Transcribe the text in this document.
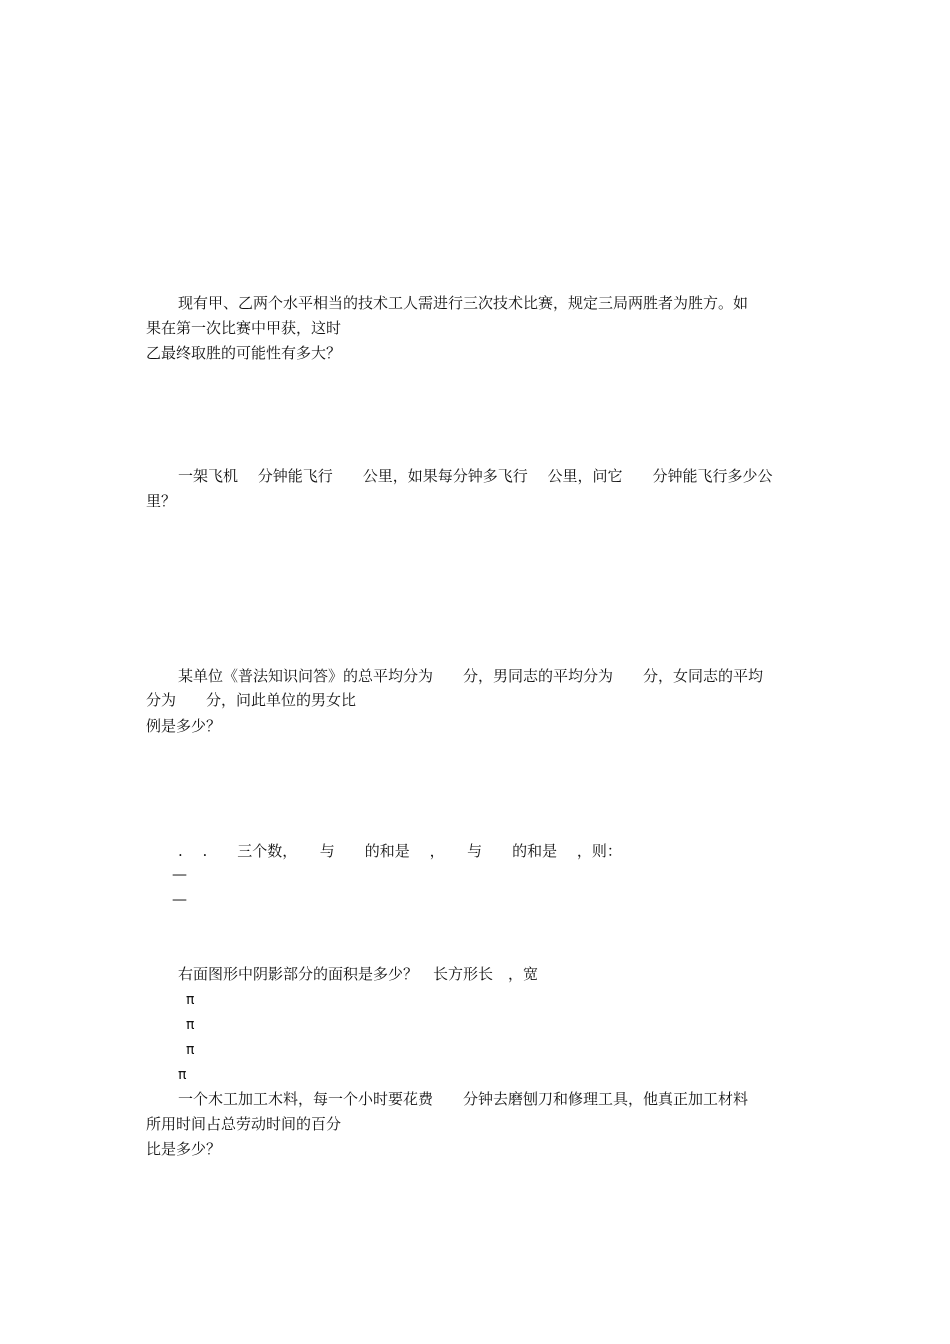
现有甲、乙两个水平相当的技术工人需进行三次技术比赛，规定三局两胜者为胜方。如

果在第一次比赛中甲获，这时

乙最终取胜的可能性有多大？

一架飞机　 分钟能飞行　　公里，如果每分钟多飞行　 公里，问它　　分钟能飞行多少公

里？

某单位《普法知识问答》的总平均分为　　分，男同志的平均分为　　分，女同志的平均

分为　　分，问此单位的男女比

例是多少？

.　 .　　三个数，　　与　　的和是　 ，　　与　　的和是　 ，则：

—
—

右面图形中阴影部分的面积是多少？　长方形长　，宽

π
π
π
π

一个木工加工木料，每一个小时要花费　　分钟去磨刨刀和修理工具，他真正加工材料

所用时间占总劳动时间的百分

比是多少？
